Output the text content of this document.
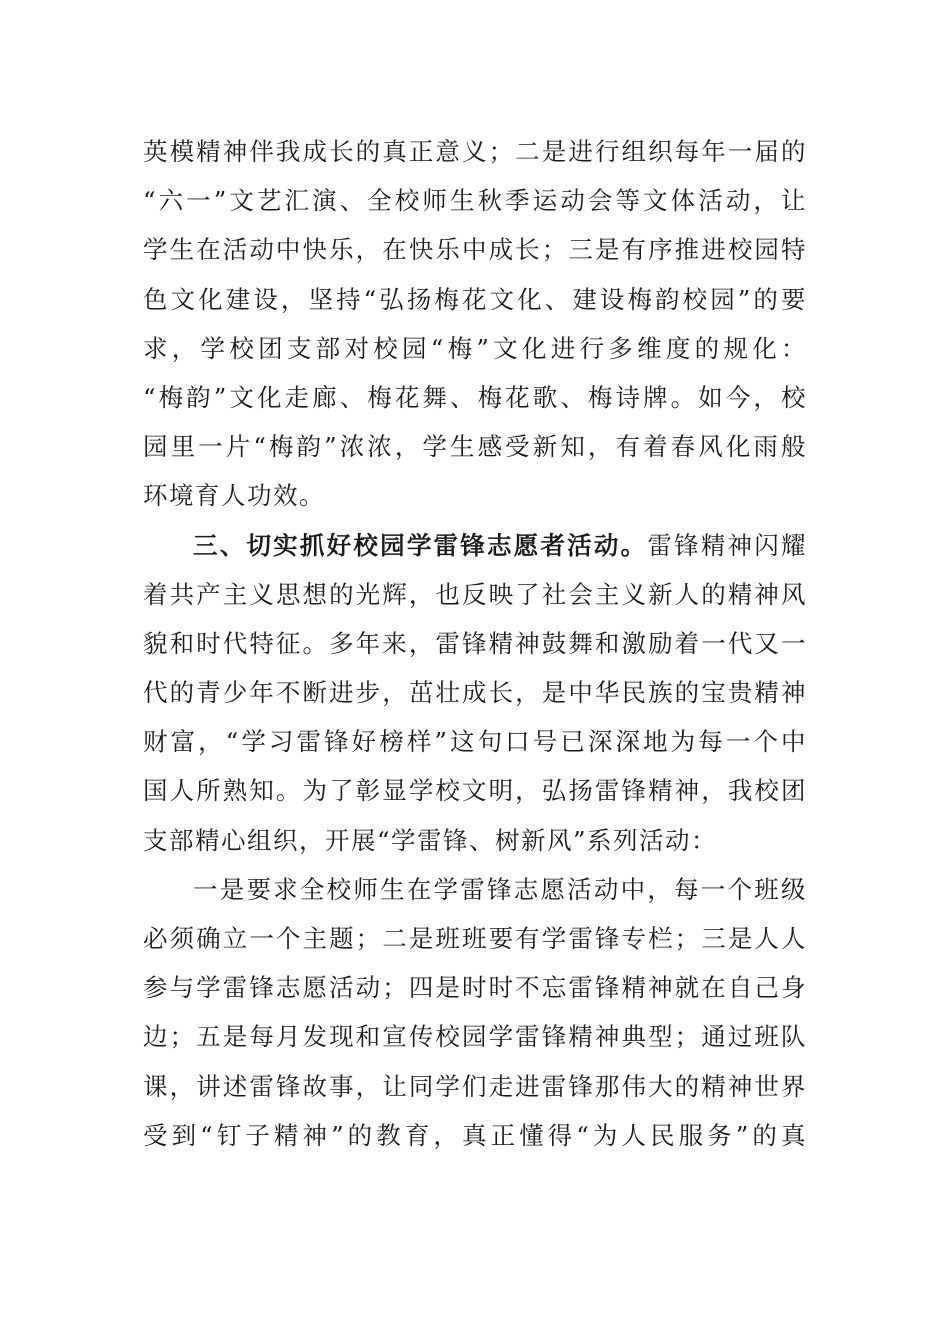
英模精神伴我成长的真正意义；二是进行组织每年一届的
“六一”文艺汇演、全校师生秋季运动会等文体活动，让
学生在活动中快乐，在快乐中成长；三是有序推进校园特
色文化建设，坚持“弘扬梅花文化、建设梅韵校园”的要
求，学校团支部对校园“梅”文化进行多维度的规化：
“梅韵”文化走廊、梅花舞、梅花歌、梅诗牌。如今，校
园里一片“梅韵”浓浓，学生感受新知，有着春风化雨般
环境育人功效。
三、切实抓好校园学雷锋志愿者活动。雷锋精神闪耀
着共产主义思想的光辉，也反映了社会主义新人的精神风
貌和时代特征。多年来，雷锋精神鼓舞和激励着一代又一
代的青少年不断进步，茁壮成长，是中华民族的宝贵精神
财富，“学习雷锋好榜样”这句口号已深深地为每一个中
国人所熟知。为了彰显学校文明，弘扬雷锋精神，我校团
支部精心组织，开展“学雷锋、树新风”系列活动：
一是要求全校师生在学雷锋志愿活动中，每一个班级
必须确立一个主题；二是班班要有学雷锋专栏；三是人人
参与学雷锋志愿活动；四是时时不忘雷锋精神就在自己身
边；五是每月发现和宣传校园学雷锋精神典型；通过班队
课，讲述雷锋故事，让同学们走进雷锋那伟大的精神世界
受到“钉子精神”的教育，真正懂得“为人民服务”的真
